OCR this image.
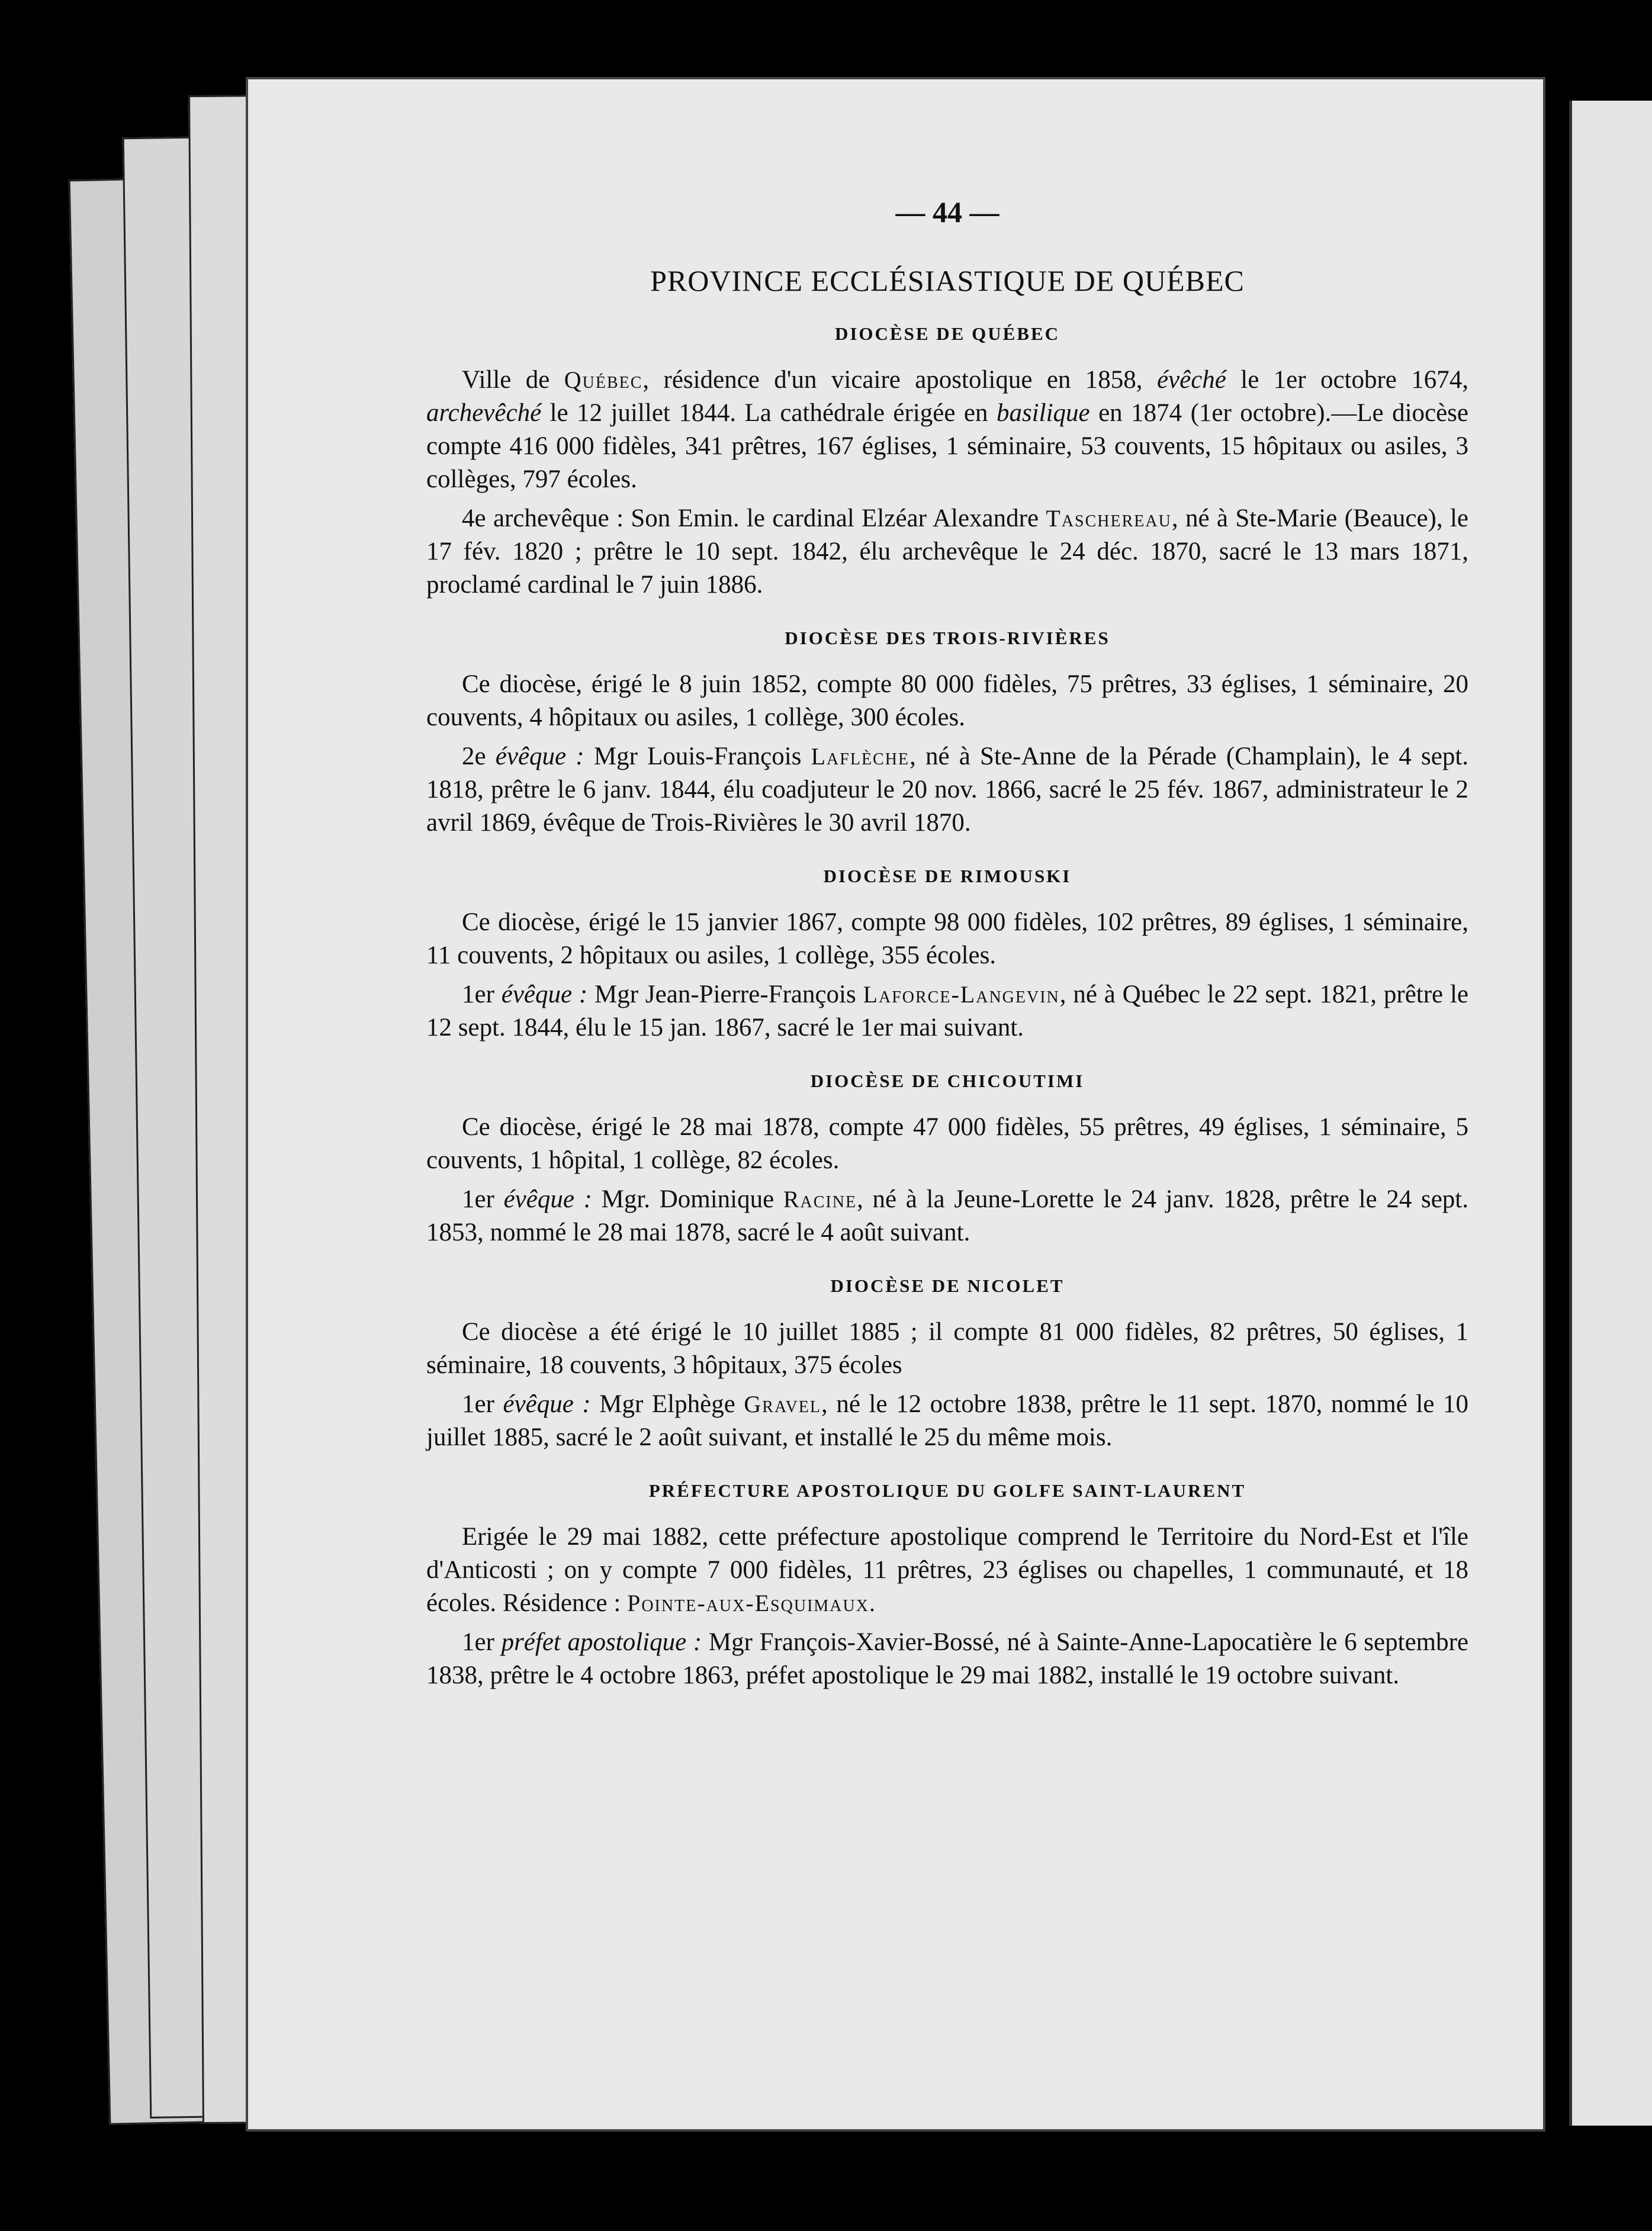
— 44 —
PROVINCE ECCLÉSIASTIQUE DE QUÉBEC
DIOCÈSE DE QUÉBEC

Ville de Québec, résidence d'un vicaire apostolique en 1858, évêché le 1er octobre 1674, archevêché le 12 juillet 1844. La cathédrale érigée en basilique en 1874 (1er octobre).—Le diocèse compte 416 000 fidèles, 341 prêtres, 167 églises, 1 séminaire, 53 couvents, 15 hôpitaux ou asiles, 3 collèges, 797 écoles.

4e archevêque : Son Emin. le cardinal Elzéar Alexandre Taschereau, né à Ste-Marie (Beauce), le 17 fév. 1820 ; prêtre le 10 sept. 1842, élu archevêque le 24 déc. 1870, sacré le 13 mars 1871, proclamé cardinal le 7 juin 1886.

DIOCÈSE DES TROIS-RIVIÈRES

Ce diocèse, érigé le 8 juin 1852, compte 80 000 fidèles, 75 prêtres, 33 églises, 1 séminaire, 20 couvents, 4 hôpitaux ou asiles, 1 collège, 300 écoles.

2e évêque : Mgr Louis-François Laflèche, né à Ste-Anne de la Pérade (Champlain), le 4 sept. 1818, prêtre le 6 janv. 1844, élu coadjuteur le 20 nov. 1866, sacré le 25 fév. 1867, administrateur le 2 avril 1869, évêque de Trois-Rivières le 30 avril 1870.

DIOCÈSE DE RIMOUSKI

Ce diocèse, érigé le 15 janvier 1867, compte 98 000 fidèles, 102 prêtres, 89 églises, 1 séminaire, 11 couvents, 2 hôpitaux ou asiles, 1 collège, 355 écoles.

1er évêque : Mgr Jean-Pierre-François Laforce-Langevin, né à Québec le 22 sept. 1821, prêtre le 12 sept. 1844, élu le 15 jan. 1867, sacré le 1er mai suivant.

DIOCÈSE DE CHICOUTIMI

Ce diocèse, érigé le 28 mai 1878, compte 47 000 fidèles, 55 prêtres, 49 églises, 1 séminaire, 5 couvents, 1 hôpital, 1 collège, 82 écoles.

1er évêque : Mgr. Dominique Racine, né à la Jeune-Lorette le 24 janv. 1828, prêtre le 24 sept. 1853, nommé le 28 mai 1878, sacré le 4 août suivant.

DIOCÈSE DE NICOLET

Ce diocèse a été érigé le 10 juillet 1885 ; il compte 81 000 fidèles, 82 prêtres, 50 églises, 1 séminaire, 18 couvents, 3 hôpitaux, 375 écoles

1er évêque : Mgr Elphège Gravel, né le 12 octobre 1838, prêtre le 11 sept. 1870, nommé le 10 juillet 1885, sacré le 2 août suivant, et installé le 25 du même mois.

PRÉFECTURE APOSTOLIQUE DU GOLFE SAINT-LAURENT

Erigée le 29 mai 1882, cette préfecture apostolique comprend le Territoire du Nord-Est et l'île d'Anticosti ; on y compte 7 000 fidèles, 11 prêtres, 23 églises ou chapelles, 1 communauté, et 18 écoles. Résidence : Pointe-aux-Esquimaux.

1er préfet apostolique : Mgr François-Xavier-Bossé, né à Sainte-Anne-Lapocatière le 6 septembre 1838, prêtre le 4 octobre 1863, préfet apostolique le 29 mai 1882, installé le 19 octobre suivant.
